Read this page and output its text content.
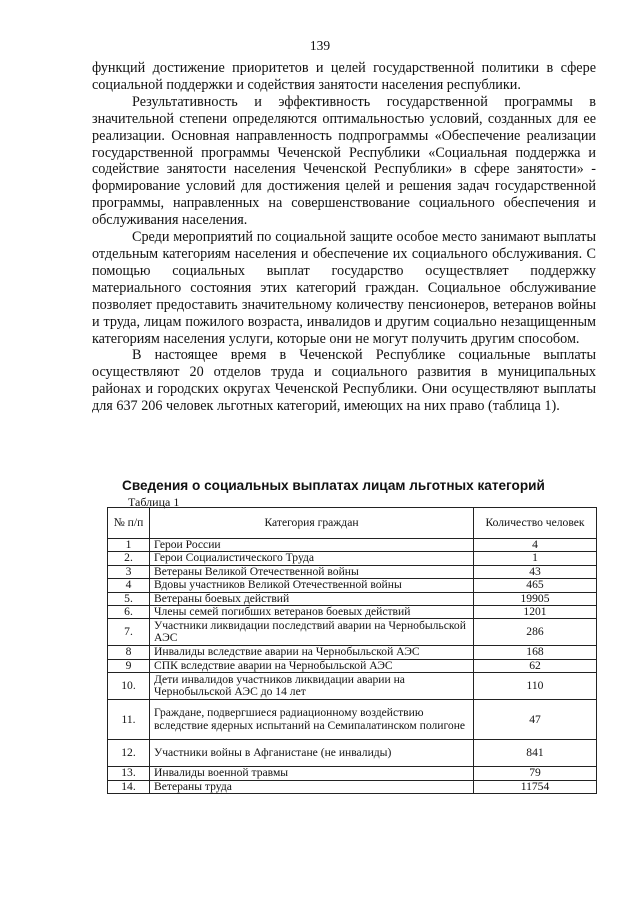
139

функций достижение приоритетов и целей государственной политики в сфере социальной поддержки и содействия занятости населения республики.

Результативность и эффективность государственной программы в значительной степени определяются оптимальностью условий, созданных для ее реализации. Основная направленность подпрограммы «Обеспечение реализации государственной программы Чеченской Республики «Социальная поддержка и содействие занятости населения Чеченской Республики» в сфере занятости» - формирование условий для достижения целей и решения задач государственной программы, направленных на совершенствование социального обеспечения и обслуживания населения.

Среди мероприятий по социальной защите особое место занимают выплаты отдельным категориям населения и обеспечение их социального обслуживания. С помощью социальных выплат государство осуществляет поддержку материального состояния этих категорий граждан. Социальное обслуживание позволяет предоставить значительному количеству пенсионеров, ветеранов войны и труда, лицам пожилого возраста, инвалидов и другим социально незащищенным категориям населения услуги, которые они не могут получить другим способом.

В настоящее время в Чеченской Республике социальные выплаты осуществляют 20 отделов труда и социального развития в муниципальных районах и городских округах Чеченской Республики. Они осуществляют выплаты для 637 206 человек льготных категорий, имеющих на них право (таблица 1).

Сведения о социальных выплатах лицам льготных категорий
Таблица 1
№ п/п	Категория граждан	Количество человек
1	Герои России	4
2.	Герои Социалистического Труда	1
3	Ветераны Великой Отечественной войны	43
4	Вдовы участников Великой Отечественной войны	465
5.	Ветераны боевых действий	19905
6.	Члены семей погибших ветеранов боевых действий	1201
7.	Участники ликвидации последствий аварии на Чернобыльской АЭС	286
8	Инвалиды вследствие аварии на Чернобыльской АЭС	168
9	СПК вследствие аварии на Чернобыльской АЭС	62
10.	Дети инвалидов участников ликвидации аварии на Чернобыльской АЭС до 14 лет	110
11.	Граждане, подвергшиеся радиационному воздействию вследствие ядерных испытаний на Семипалатинском полигоне	47
12.	Участники войны в Афганистане (не инвалиды)	841
13.	Инвалиды военной травмы	79
14.	Ветераны труда	11754
